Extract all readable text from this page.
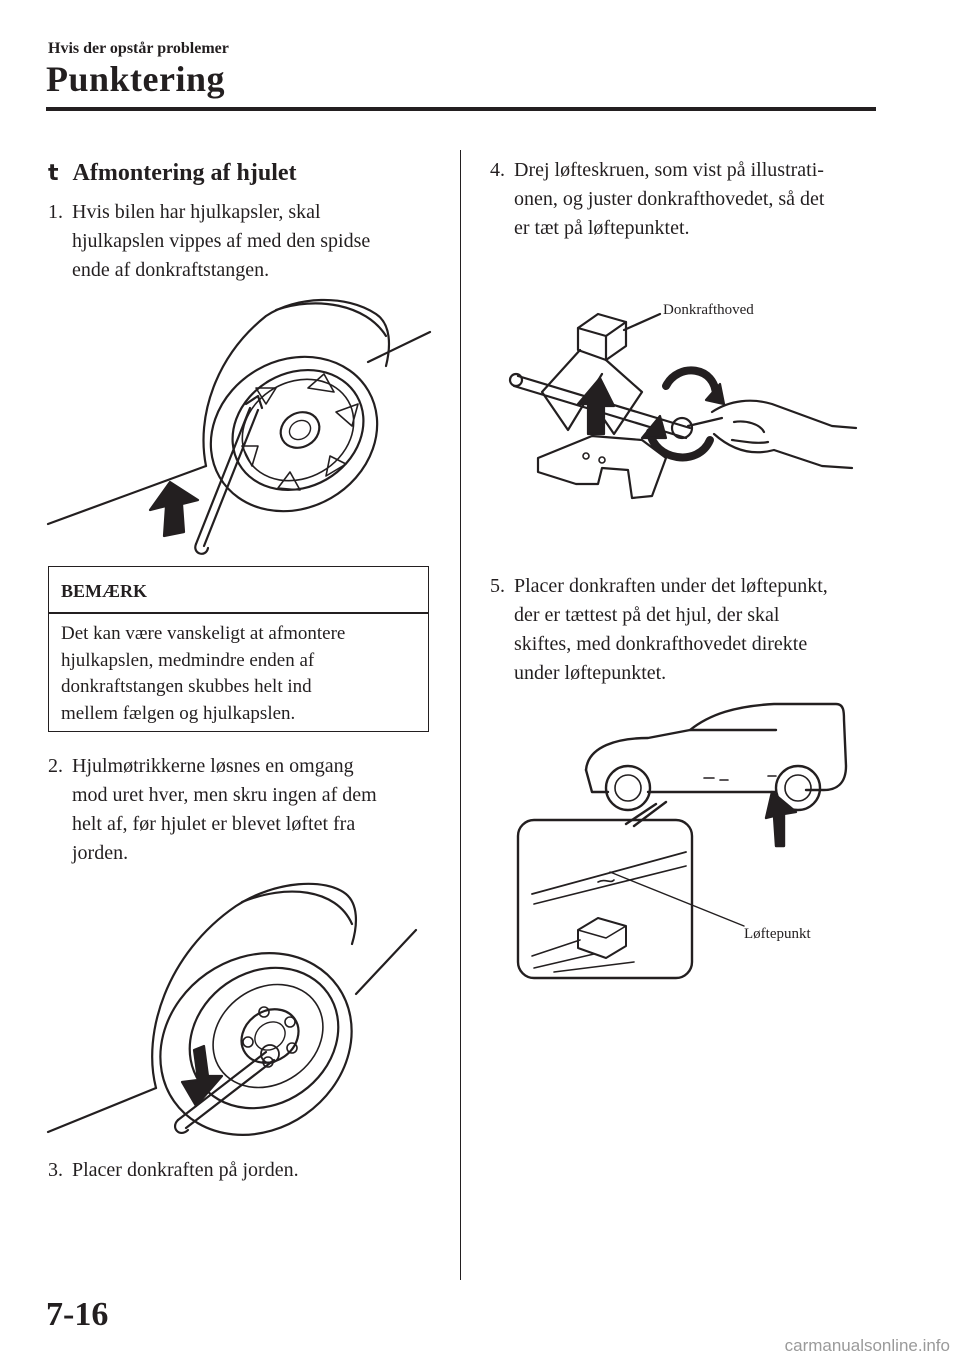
Hvis der opstår problemer
Punktering
t Afmontering af hjulet
1. Hvis bilen har hjulkapsler, skal
hjulkapslen vippes af med den spidse
ende af donkraftstangen.
BEMÆRK
Det kan være vanskeligt at afmontere
hjulkapslen, medmindre enden af
donkraftstangen skubbes helt ind
mellem fælgen og hjulkapslen.
2. Hjulmøtrikkerne løsnes en omgang
mod uret hver, men skru ingen af dem
helt af, før hjulet er blevet løftet fra
jorden.
3. Placer donkraften på jorden.
4. Drej løfteskruen, som vist på illustrati-
onen, og juster donkrafthovedet, så det
er tæt på løftepunktet.
Donkrafthoved
5. Placer donkraften under det løftepunkt,
der er tættest på det hjul, der skal
skiftes, med donkrafthovedet direkte
under løftepunktet.
Løftepunkt
7-16
carmanualsonline.info
